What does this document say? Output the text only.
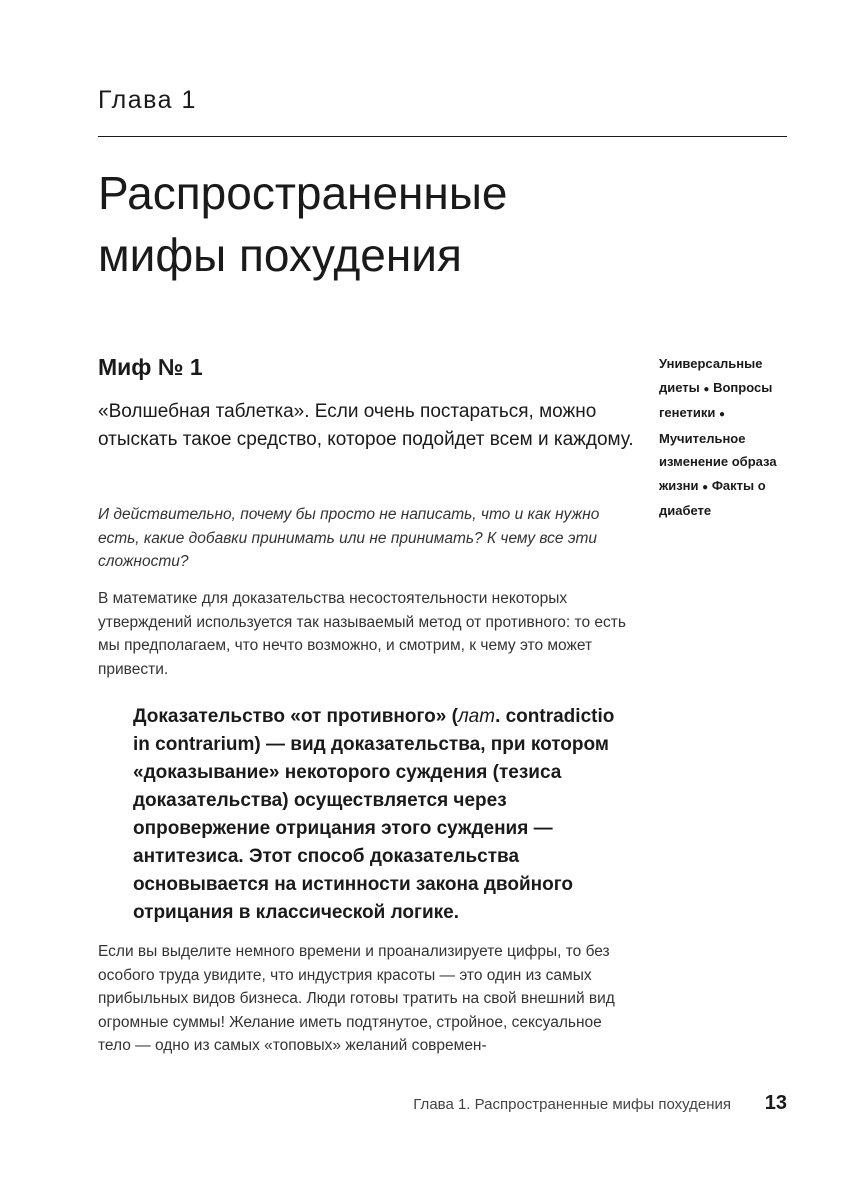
Глава 1
Распространенные
мифы похудения
Миф № 1

«Волшебная таблетка». Если очень постараться, можно отыскать такое средство, которое подойдет всем и каждому.

Универсальные диеты ● Вопросы генетики ● Мучительное изменение образа жизни ● Факты о диабете

И действительно, почему бы просто не написать, что и как нужно есть, какие добавки принимать или не принимать? К чему все эти сложности?

В математике для доказательства несостоятельности некоторых утверждений используется так называемый метод от противного: то есть мы предполагаем, что нечто возможно, и смотрим, к чему это может привести.

Доказательство «от противного» (лат. contradictio in contrarium) — вид доказательства, при котором «доказывание» некоторого суждения (тезиса доказательства) осуществляется через опровержение отрицания этого суждения — антитезиса. Этот способ доказательства основывается на истинности закона двойного отрицания в классической логике.

Если вы выделите немного времени и проанализируете цифры, то без особого труда увидите, что индустрия красоты — это один из самых прибыльных видов бизнеса. Люди готовы тратить на свой внешний вид огромные суммы! Желание иметь подтянутое, стройное, сексуальное тело — одно из самых «топовых» желаний современ-

Глава 1. Распространенные мифы похудения 13
